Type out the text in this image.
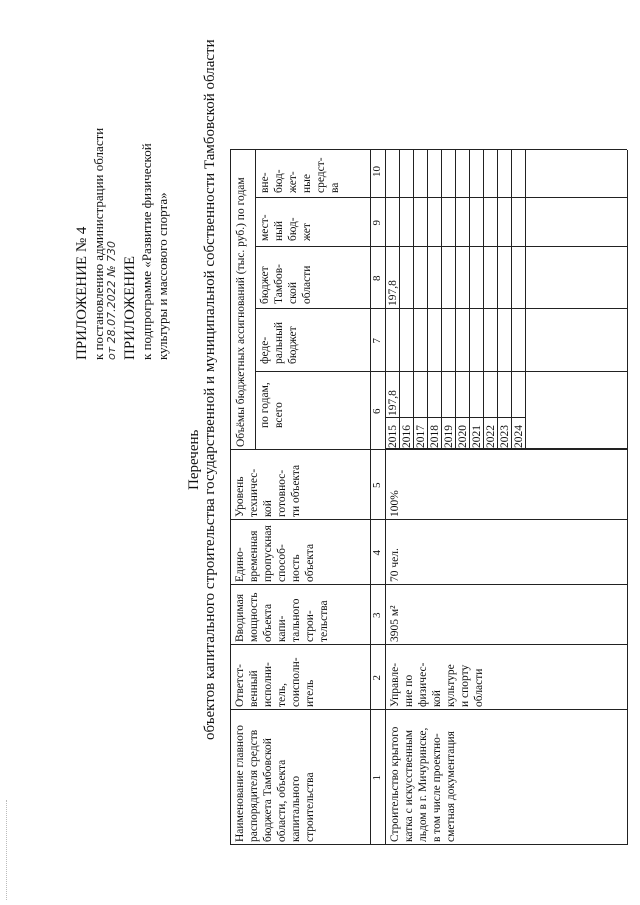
ПРИЛОЖЕНИЕ № 4 к постановлению администрации области от 28.07.2022 № 730 ПРИЛОЖЕНИЕ к подпрограмме «Развитие физической культуры и массового спорта»
Перечень объектов капитального строительства государственной и муниципальной собственности Тамбовской области
Наименование главного
распорядителя средств
бюджета Тамбовской
области, объекта
капитального
строительства
Ответст-
венный
исполни-
тель,
соисполн-
итель
Вводимая
мощность
объекта
капи-
тального
строи-
тельства
Едино-
временная
пропускная
способ-
ность
объекта
Уровень
техничес-
кой
готовнос-
ти объекта
Объёмы бюджетных ассигнований (тыс. руб.) по годам	по годам,
всего
феде-
ральный
бюджет
бюджет
Тамбов-
ской
области
мест-
ный
бюд-
жет
вне-
бюд-
жет-
ные
средст-
ва
1
2
3
4
5
6
7
8
9
10
Строительство крытого
катка с искусственным
льдом в г. Мичуринске,
в том числе проектно-
сметная документация
Управле-
ние по
физичес-
кой
культуре
и спорту
области
3905 м²
70 чел.
100%
2015
197,8
197,8
2016 2017 2018 2019 2020 2021 2022 2023 2024
